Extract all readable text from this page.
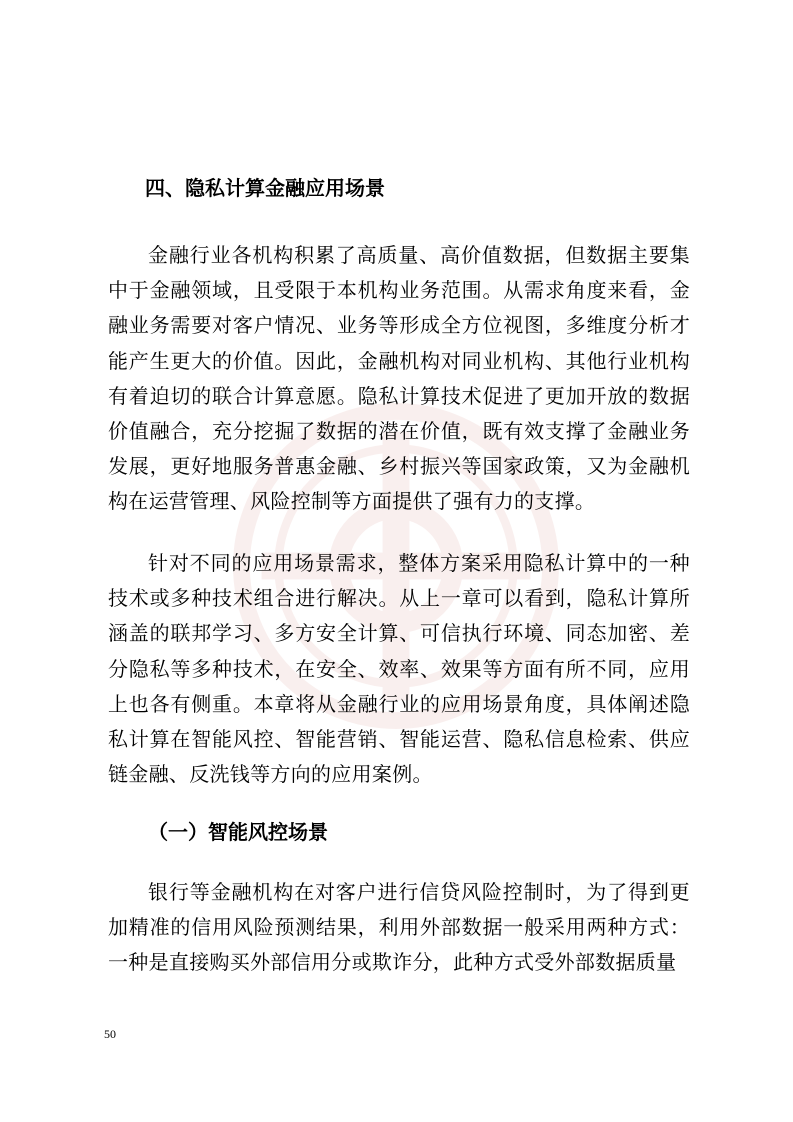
四、隐私计算金融应用场景

金融行业各机构积累了高质量、高价值数据，但数据主要集中于金融领域，且受限于本机构业务范围。从需求角度来看，金融业务需要对客户情况、业务等形成全方位视图，多维度分析才能产生更大的价值。因此，金融机构对同业机构、其他行业机构有着迫切的联合计算意愿。隐私计算技术促进了更加开放的数据价值融合，充分挖掘了数据的潜在价值，既有效支撑了金融业务发展，更好地服务普惠金融、乡村振兴等国家政策，又为金融机构在运营管理、风险控制等方面提供了强有力的支撑。

针对不同的应用场景需求，整体方案采用隐私计算中的一种技术或多种技术组合进行解决。从上一章可以看到，隐私计算所涵盖的联邦学习、多方安全计算、可信执行环境、同态加密、差分隐私等多种技术，在安全、效率、效果等方面有所不同，应用上也各有侧重。本章将从金融行业的应用场景角度，具体阐述隐私计算在智能风控、智能营销、智能运营、隐私信息检索、供应链金融、反洗钱等方向的应用案例。

（一）智能风控场景

银行等金融机构在对客户进行信贷风险控制时，为了得到更加精准的信用风险预测结果，利用外部数据一般采用两种方式：一种是直接购买外部信用分或欺诈分，此种方式受外部数据质量

50
